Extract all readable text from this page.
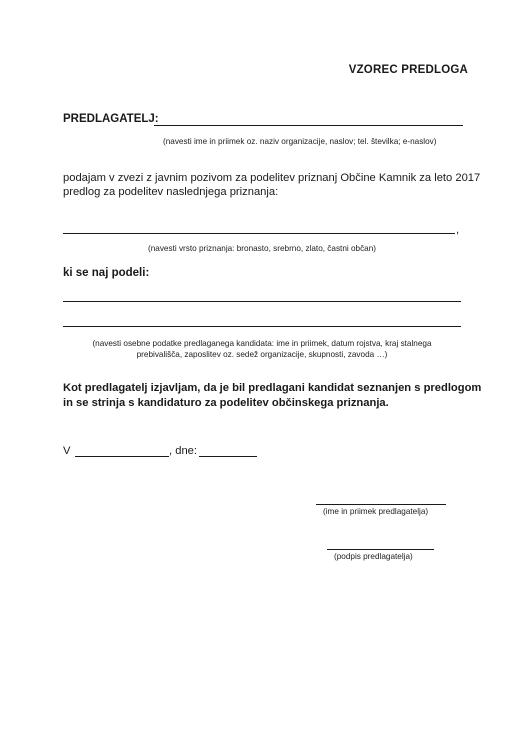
VZOREC PREDLOGA
PREDLAGATELJ:
(navesti ime in priimek oz. naziv organizacije, naslov; tel. številka; e-naslov)
podajam v zvezi z javnim pozivom za podelitev priznanj Občine Kamnik za leto 2017
predlog za podelitev naslednjega priznanja:
,
(navesti vrsto priznanja: bronasto, srebrno, zlato, častni občan)
ki se naj podeli:
(navesti osebne podatke predlaganega kandidata: ime in priimek, datum rojstva, kraj stalnega
prebivališča, zaposlitev oz. sedež organizacije, skupnosti, zavoda …)
Kot predlagatelj izjavljam, da je bil predlagani kandidat seznanjen s predlogom
in se strinja s kandidaturo za podelitev občinskega priznanja.
V	, dne:
(ime in priimek predlagatelja)
(podpis predlagatelja)
